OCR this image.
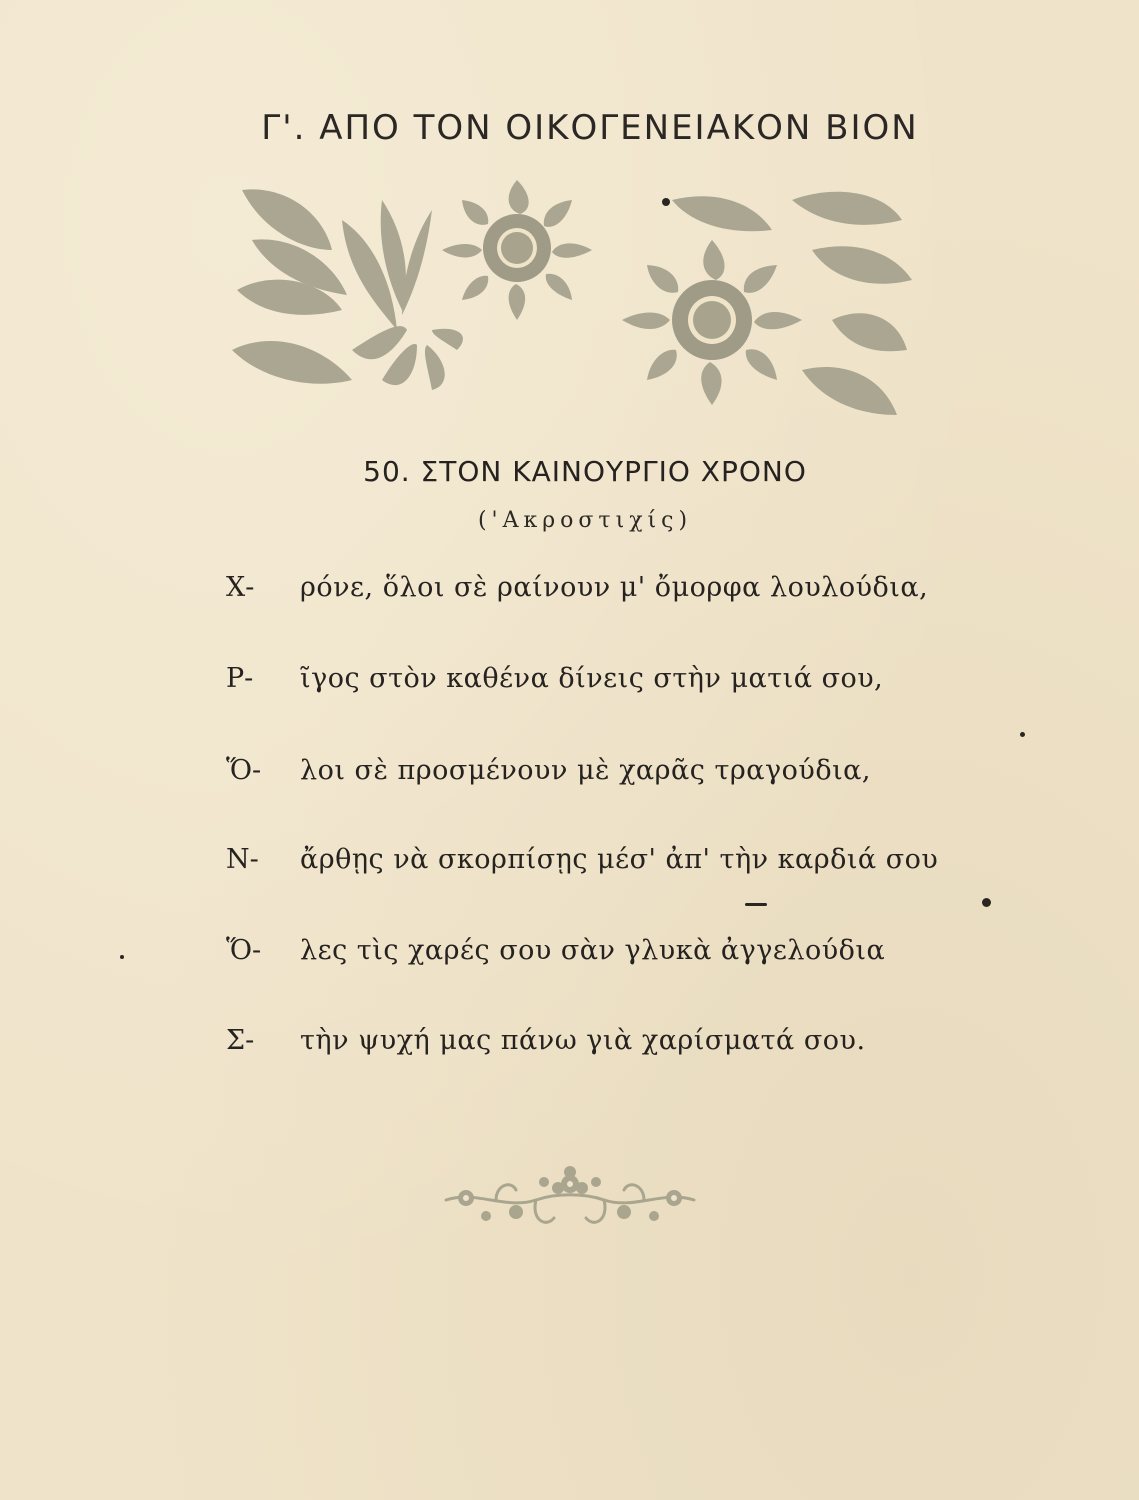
Γ'. ΑΠΟ ΤΟΝ ΟΙΚΟΓΕΝΕΙΑΚΟΝ ΒΙΟΝ
50. ΣΤΟΝ ΚΑΙΝΟΥΡΓΙΟ ΧΡΟΝΟ
('Ακροστιχίς)
Χ-	ρόνε, ὅλοι σὲ ραίνουν μ' ὄμορφα λουλούδια,
Ρ-	ῖγος στὸν καθένα δίνεις στὴν ματιά σου,
Ὅ-	λοι σὲ προσμένουν μὲ χαρᾶς τραγούδια,
Ν-	ἄρθῃς νὰ σκορπίσῃς μέσ' ἀπ' τὴν καρδιά σου
Ὅ-	λες τὶς χαρές σου σὰν γλυκὰ ἀγγελούδια
Σ-	τὴν ψυχή μας πάνω γιὰ χαρίσματά σου.
